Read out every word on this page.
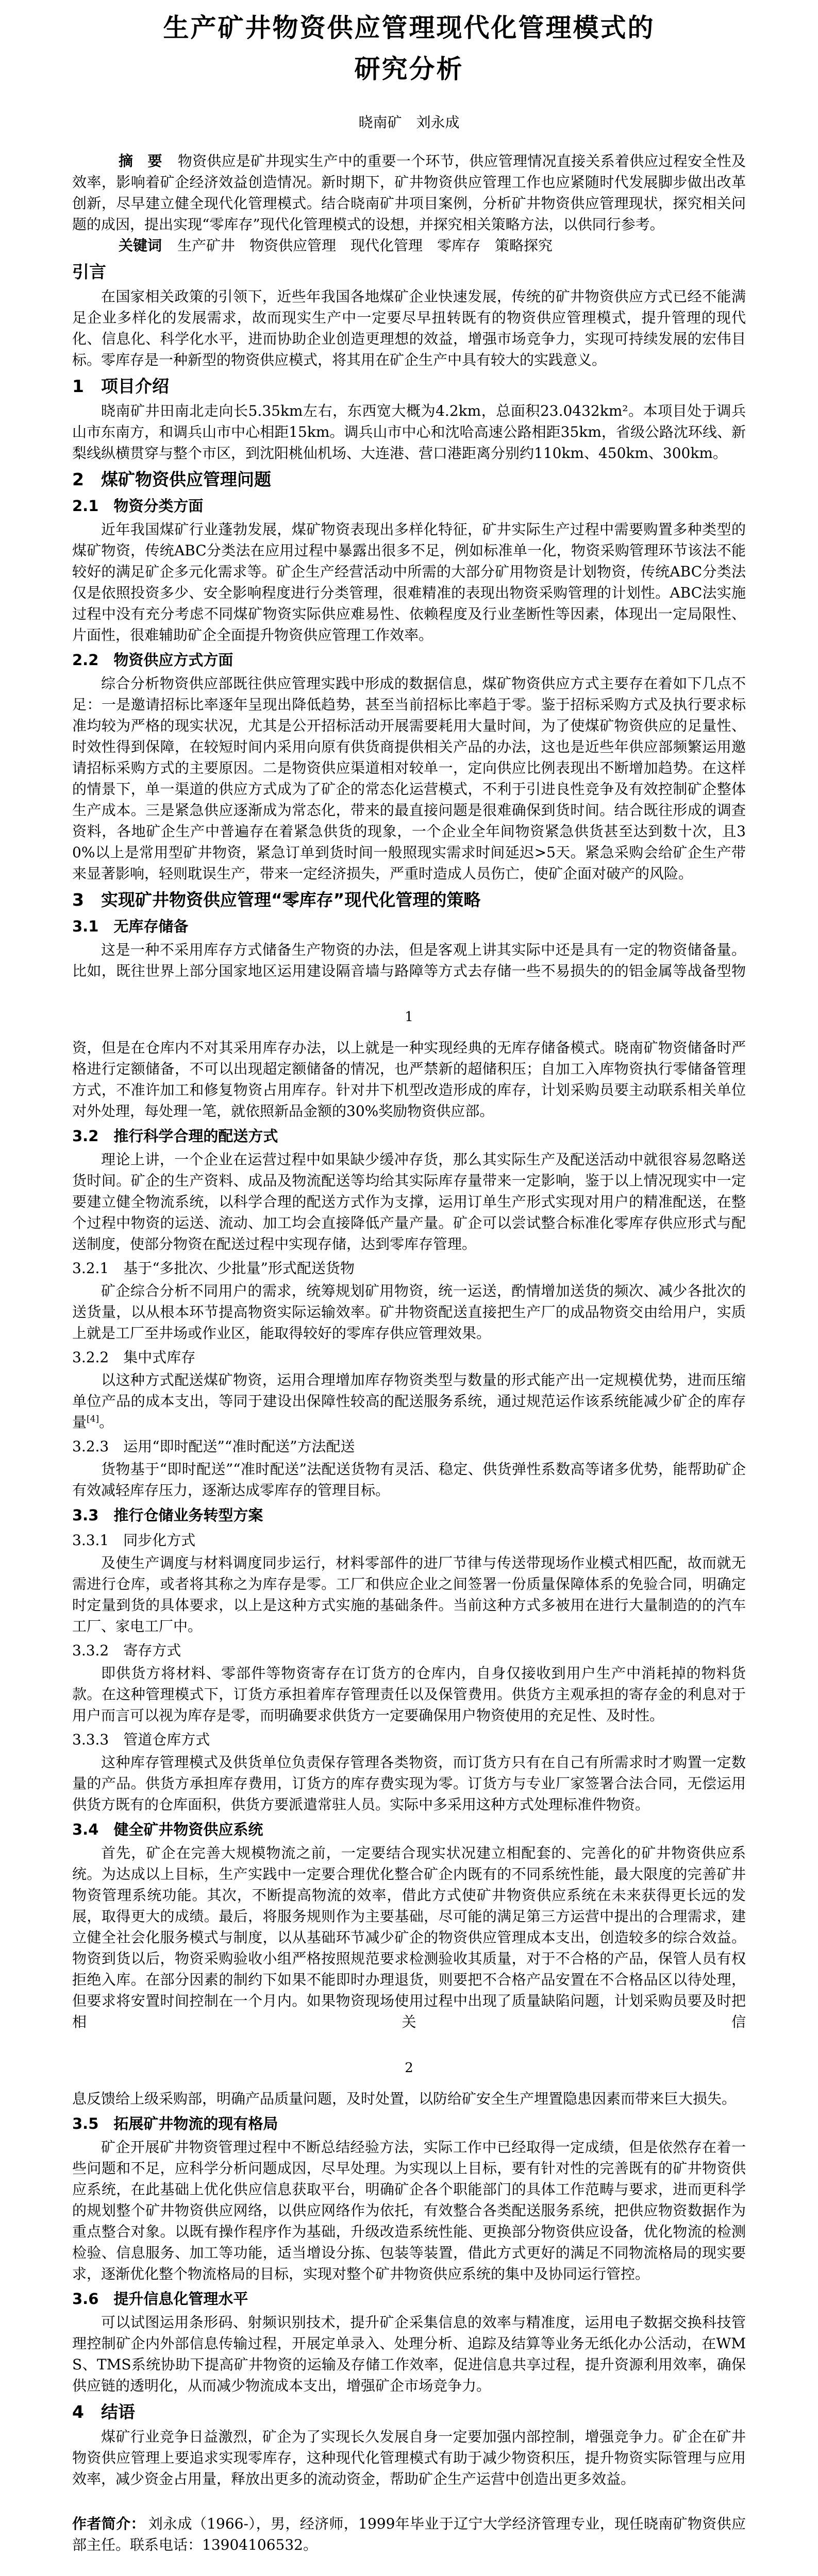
生产矿井物资供应管理现代化管理模式的
研究分析
晓南矿　刘永成

摘　要 物资供应是矿井现实生产中的重要一个环节，供应管理情况直接关系着供应过程安全性及效率，影响着矿企经济效益创造情况。新时期下，矿井物资供应管理工作也应紧随时代发展脚步做出改革创新，尽早建立健全现代化管理模式。结合晓南矿井项目案例，分析矿井物资供应管理现状，探究相关问题的成因，提出实现“零库存”现代化管理模式的设想，并探究相关策略方法，以供同行参考。

关键词 生产矿井　物资供应管理　现代化管理　零库存　策略探究

引言

在国家相关政策的引领下，近些年我国各地煤矿企业快速发展，传统的矿井物资供应方式已经不能满足企业多样化的发展需求，故而现实生产中一定要尽早扭转既有的物资供应管理模式，提升管理的现代化、信息化、科学化水平，进而协助企业创造更理想的效益，增强市场竞争力，实现可持续发展的宏伟目标。零库存是一种新型的物资供应模式，将其用在矿企生产中具有较大的实践意义。

1　项目介绍

晓南矿井田南北走向长5.35km左右，东西宽大概为4.2km，总面积23.0432km²。本项目处于调兵山市东南方，和调兵山市中心相距15km。调兵山市中心和沈哈高速公路相距35km，省级公路沈环线、新梨线纵横贯穿与整个市区，到沈阳桃仙机场、大连港、营口港距离分别约110km、450km、300km。

2　煤矿物资供应管理问题
2.1　物资分类方面

近年我国煤矿行业蓬勃发展，煤矿物资表现出多样化特征，矿井实际生产过程中需要购置多种类型的煤矿物资，传统ABC分类法在应用过程中暴露出很多不足，例如标准单一化，物资采购管理环节该法不能较好的满足矿企多元化需求等。矿企生产经营活动中所需的大部分矿用物资是计划物资，传统ABC分类法仅是依照投资多少、安全影响程度进行分类管理，很难精准的表现出物资采购管理的计划性。ABC法实施过程中没有充分考虑不同煤矿物资实际供应难易性、依赖程度及行业垄断性等因素，体现出一定局限性、片面性，很难辅助矿企全面提升物资供应管理工作效率。

2.2　物资供应方式方面

综合分析物资供应部既往供应管理实践中形成的数据信息，煤矿物资供应方式主要存在着如下几点不足：一是邀请招标比率逐年呈现出降低趋势，甚至当前招标比率趋于零。鉴于招标采购方式及执行要求标准均较为严格的现实状况，尤其是公开招标活动开展需要耗用大量时间，为了使煤矿物资供应的足量性、时效性得到保障，在较短时间内采用向原有供货商提供相关产品的办法，这也是近些年供应部频繁运用邀请招标采购方式的主要原因。二是物资供应渠道相对较单一，定向供应比例表现出不断增加趋势。在这样的情景下，单一渠道的供应方式成为了矿企的常态化运营模式，不利于引进良性竞争及有效控制矿企整体生产成本。三是紧急供应逐渐成为常态化，带来的最直接问题是很难确保到货时间。结合既往形成的调查资料，各地矿企生产中普遍存在着紧急供货的现象，一个企业全年间物资紧急供货甚至达到数十次，且30%以上是常用型矿井物资，紧急订单到货时间一般照现实需求时间延迟>5天。紧急采购会给矿企生产带来显著影响，轻则耽误生产，带来一定经济损失，严重时造成人员伤亡，使矿企面对破产的风险。

3　实现矿井物资供应管理“零库存”现代化管理的策略
3.1　无库存储备

这是一种不采用库存方式储备生产物资的办法，但是客观上讲其实际中还是具有一定的物资储备量。比如，既往世界上部分国家地区运用建设隔音墙与路障等方式去存储一些不易损失的的铝金属等战备型物

1

资，但是在仓库内不对其采用库存办法，以上就是一种实现经典的无库存储备模式。晓南矿物资储备时严格进行定额储备，不可以出现超定额储备的情况，也严禁新的超储积压；自加工入库物资执行零储备管理方式，不准许加工和修复物资占用库存。针对井下机型改造形成的库存，计划采购员要主动联系相关单位对外处理，每处理一笔，就依照新品金额的30%奖励物资供应部。

3.2　推行科学合理的配送方式

理论上讲，一个企业在运营过程中如果缺少缓冲存货，那么其实际生产及配送活动中就很容易忽略送货时间。矿企的生产资料、成品及物流配送等均给其实际库存量带来一定影响，鉴于以上情况现实中一定要建立健全物流系统，以科学合理的配送方式作为支撑，运用订单生产形式实现对用户的精准配送，在整个过程中物资的运送、流动、加工均会直接降低产量产量。矿企可以尝试整合标准化零库存供应形式与配送制度，使部分物资在配送过程中实现存储，达到零库存管理。

3.2.1　基于“多批次、少批量”形式配送货物

矿企综合分析不同用户的需求，统筹规划矿用物资，统一运送，酌情增加送货的频次、减少各批次的送货量，以从根本环节提高物资实际运输效率。矿井物资配送直接把生产厂的成品物资交由给用户，实质上就是工厂至井场或作业区，能取得较好的零库存供应管理效果。

3.2.2　集中式库存

以这种方式配送煤矿物资，运用合理增加库存物资类型与数量的形式能产出一定规模优势，进而压缩单位产品的成本支出，等同于建设出保障性较高的配送服务系统，通过规范运作该系统能减少矿企的库存量[4]。

3.2.3　运用“即时配送”“准时配送”方法配送

货物基于“即时配送”“准时配送”法配送货物有灵活、稳定、供货弹性系数高等诸多优势，能帮助矿企有效减轻库存压力，逐渐达成零库存的管理目标。

3.3　推行仓储业务转型方案
3.3.1　同步化方式

及使生产调度与材料调度同步运行，材料零部件的进厂节律与传送带现场作业模式相匹配，故而就无需进行仓库，或者将其称之为库存是零。工厂和供应企业之间签署一份质量保障体系的免验合同，明确定时定量到货的具体要求，以上是这种方式实施的基础条件。当前这种方式多被用在进行大量制造的的汽车工厂、家电工厂中。

3.3.2　寄存方式

即供货方将材料、零部件等物资寄存在订货方的仓库内，自身仅接收到用户生产中消耗掉的物料货款。在这种管理模式下，订货方承担着库存管理责任以及保管费用。供货方主观承担的寄存金的利息对于用户而言可以视为库存是零，而明确要求供货方一定要确保用户物资使用的充足性、及时性。

3.3.3　管道仓库方式

这种库存管理模式及供货单位负责保存管理各类物资，而订货方只有在自己有所需求时才购置一定数量的产品。供货方承担库存费用，订货方的库存费实现为零。订货方与专业厂家签署合法合同，无偿运用供货方既有的仓库面积，供货方要派遣常驻人员。实际中多采用这种方式处理标准件物资。

3.4　健全矿井物资供应系统

首先，矿企在完善大规模物流之前，一定要结合现实状况建立相配套的、完善化的矿井物资供应系统。为达成以上目标，生产实践中一定要合理优化整合矿企内既有的不同系统性能，最大限度的完善矿井物资管理系统功能。其次，不断提高物流的效率，借此方式使矿井物资供应系统在未来获得更长远的发展，取得更大的成绩。最后，将服务规则作为主要基础，尽可能的满足第三方运营中提出的合理需求，建立健全社会化服务模式与制度，以从基础环节减少矿企的物资供应管理成本支出，创造较多的综合效益。物资到货以后，物资采购验收小组严格按照规范要求检测验收其质量，对于不合格的产品，保管人员有权拒绝入库。在部分因素的制约下如果不能即时办理退货，则要把不合格产品安置在不合格品区以待处理，但要求将安置时间控制在一个月内。如果物资现场使用过程中出现了质量缺陷问题，计划采购员要及时把相关信

2

息反馈给上级采购部，明确产品质量问题，及时处置，以防给矿安全生产埋置隐患因素而带来巨大损失。

3.5　拓展矿井物流的现有格局

矿企开展矿井物资管理过程中不断总结经验方法，实际工作中已经取得一定成绩，但是依然存在着一些问题和不足，应科学分析问题成因，尽早处理。为实现以上目标，要有针对性的完善既有的矿井物资供应系统，在此基础上优化供应信息获取平台，明确矿企各个职能部门的具体工作范畴与要求，进而更科学的规划整个矿井物资供应网络，以供应网络作为依托，有效整合各类配送服务系统，把供应物资数据作为重点整合对象。以既有操作程序作为基础，升级改造系统性能、更换部分物资供应设备，优化物流的检测检验、信息服务、加工等功能，适当增设分拣、包装等装置，借此方式更好的满足不同物流格局的现实要求，逐渐优化整个物流格局的目标，实现对整个矿井物资供应系统的集中及协同运行管控。

3.6　提升信息化管理水平

可以试图运用条形码、射频识别技术，提升矿企采集信息的效率与精准度，运用电子数据交换科技管理控制矿企内外部信息传输过程，开展定单录入、处理分析、追踪及结算等业务无纸化办公活动，在WMS、TMS系统协助下提高矿井物资的运输及存储工作效率，促进信息共享过程，提升资源利用效率，确保供应链的透明化，从而减少物流成本支出，增强矿企市场竞争力。

4　结语

煤矿行业竞争日益激烈，矿企为了实现长久发展自身一定要加强内部控制，增强竞争力。矿企在矿井物资供应管理上要追求实现零库存，这种现代化管理模式有助于减少物资积压，提升物资实际管理与应用效率，减少资金占用量，释放出更多的流动资金，帮助矿企生产运营中创造出更多效益。

作者简介： 刘永成（1966-），男，经济师，1999年毕业于辽宁大学经济管理专业，现任晓南矿物资供应部主任。联系电话：13904106532。
